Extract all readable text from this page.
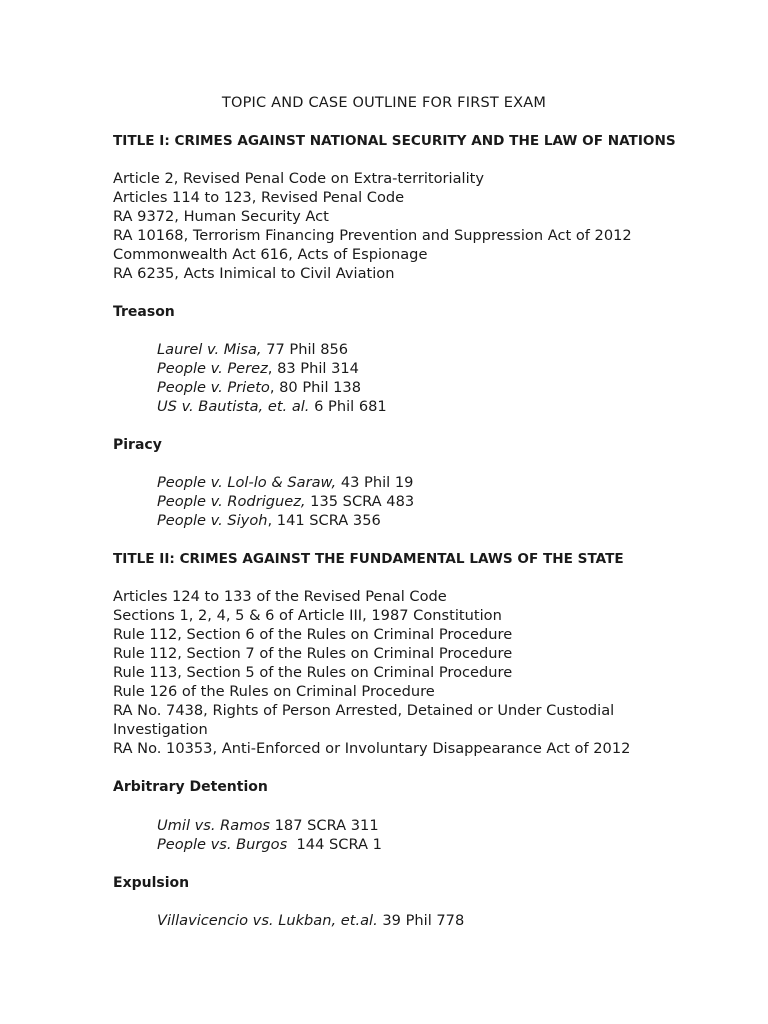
TOPIC AND CASE OUTLINE FOR FIRST EXAM
TITLE I: CRIMES AGAINST NATIONAL SECURITY AND THE LAW OF NATIONS
Article 2, Revised Penal Code on Extra-territoriality
Articles 114 to 123, Revised Penal Code
RA 9372, Human Security Act
RA 10168, Terrorism Financing Prevention and Suppression Act of 2012
Commonwealth Act 616, Acts of Espionage
RA 6235, Acts Inimical to Civil Aviation
Treason
Laurel v. Misa, 77 Phil 856
People v. Perez, 83 Phil 314
People v. Prieto, 80 Phil 138
US v. Bautista, et. al. 6 Phil 681
Piracy
People v. Lol-lo & Saraw, 43 Phil 19
People v. Rodriguez, 135 SCRA 483
People v. Siyoh, 141 SCRA 356
TITLE II: CRIMES AGAINST THE FUNDAMENTAL LAWS OF THE STATE
Articles 124 to 133 of the Revised Penal Code
Sections 1, 2, 4, 5 & 6 of Article III, 1987 Constitution
Rule 112, Section 6 of the Rules on Criminal Procedure
Rule 112, Section 7 of the Rules on Criminal Procedure
Rule 113, Section 5 of the Rules on Criminal Procedure
Rule 126 of the Rules on Criminal Procedure
RA No. 7438, Rights of Person Arrested, Detained or Under Custodial
Investigation
RA No. 10353, Anti-Enforced or Involuntary Disappearance Act of 2012
Arbitrary Detention
Umil vs. Ramos 187 SCRA 311
People vs. Burgos  144 SCRA 1
Expulsion
Villavicencio vs. Lukban, et.al. 39 Phil 778
